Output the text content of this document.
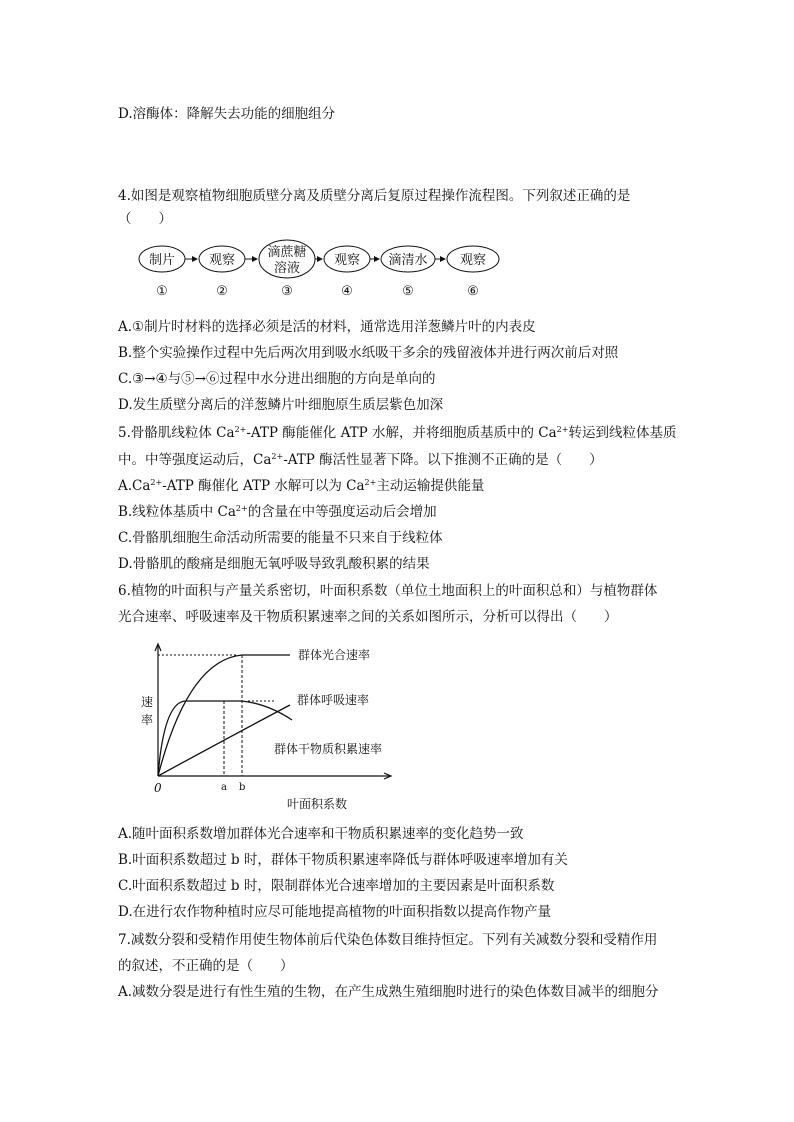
D.溶酶体：降解失去功能的细胞组分
4.如图是观察植物细胞质壁分离及质壁分离后复原过程操作流程图。下列叙述正确的是
（　　）
制片	观察
滴蔗糖
溶液
观察 滴清水 观察
①	②	③	④	⑤	⑥
A.①制片时材料的选择必须是活的材料，通常选用洋葱鳞片叶的内表皮
B.整个实验操作过程中先后两次用到吸水纸吸干多余的残留液体并进行两次前后对照
C.③→④与⑤→⑥过程中水分进出细胞的方向是单向的
D.发生质壁分离后的洋葱鳞片叶细胞原生质层紫色加深
5.骨骼肌线粒体 $Ca^{2+}$-ATP 酶能催化 ATP 水解，并将细胞质基质中的 $Ca^{2+}$转运到线粒体基质
中。中等强度运动后，$Ca^{2+}$-ATP 酶活性显著下降。以下推测不正确的是（　　）
$A.Ca^{2+}$-ATP 酶催化 ATP 水解可以为 $Ca^{2+}$主动运输提供能量
B.线粒体基质中 $Ca^{2+}$的含量在中等强度运动后会增加
C.骨骼肌细胞生命活动所需要的能量不只来自于线粒体
D.骨骼肌的酸痛是细胞无氧呼吸导致乳酸积累的结果
6.植物的叶面积与产量关系密切，叶面积系数（单位土地面积上的叶面积总和）与植物群体
光合速率、呼吸速率及干物质积累速率之间的关系如图所示，分析可以得出（　　）
群体光合速率
群体呼吸速率
群体干物质积累速率
速
率
0	a b
叶面积系数
A.随叶面积系数增加群体光合速率和干物质积累速率的变化趋势一致
B.叶面积系数超过 b 时，群体干物质积累速率降低与群体呼吸速率增加有关
C.叶面积系数超过 b 时，限制群体光合速率增加的主要因素是叶面积系数
D.在进行农作物种植时应尽可能地提高植物的叶面积指数以提高作物产量
7.减数分裂和受精作用使生物体前后代染色体数目维持恒定。下列有关减数分裂和受精作用
的叙述，不正确的是（　　）
A.减数分裂是进行有性生殖的生物，在产生成熟生殖细胞时进行的染色体数目减半的细胞分
